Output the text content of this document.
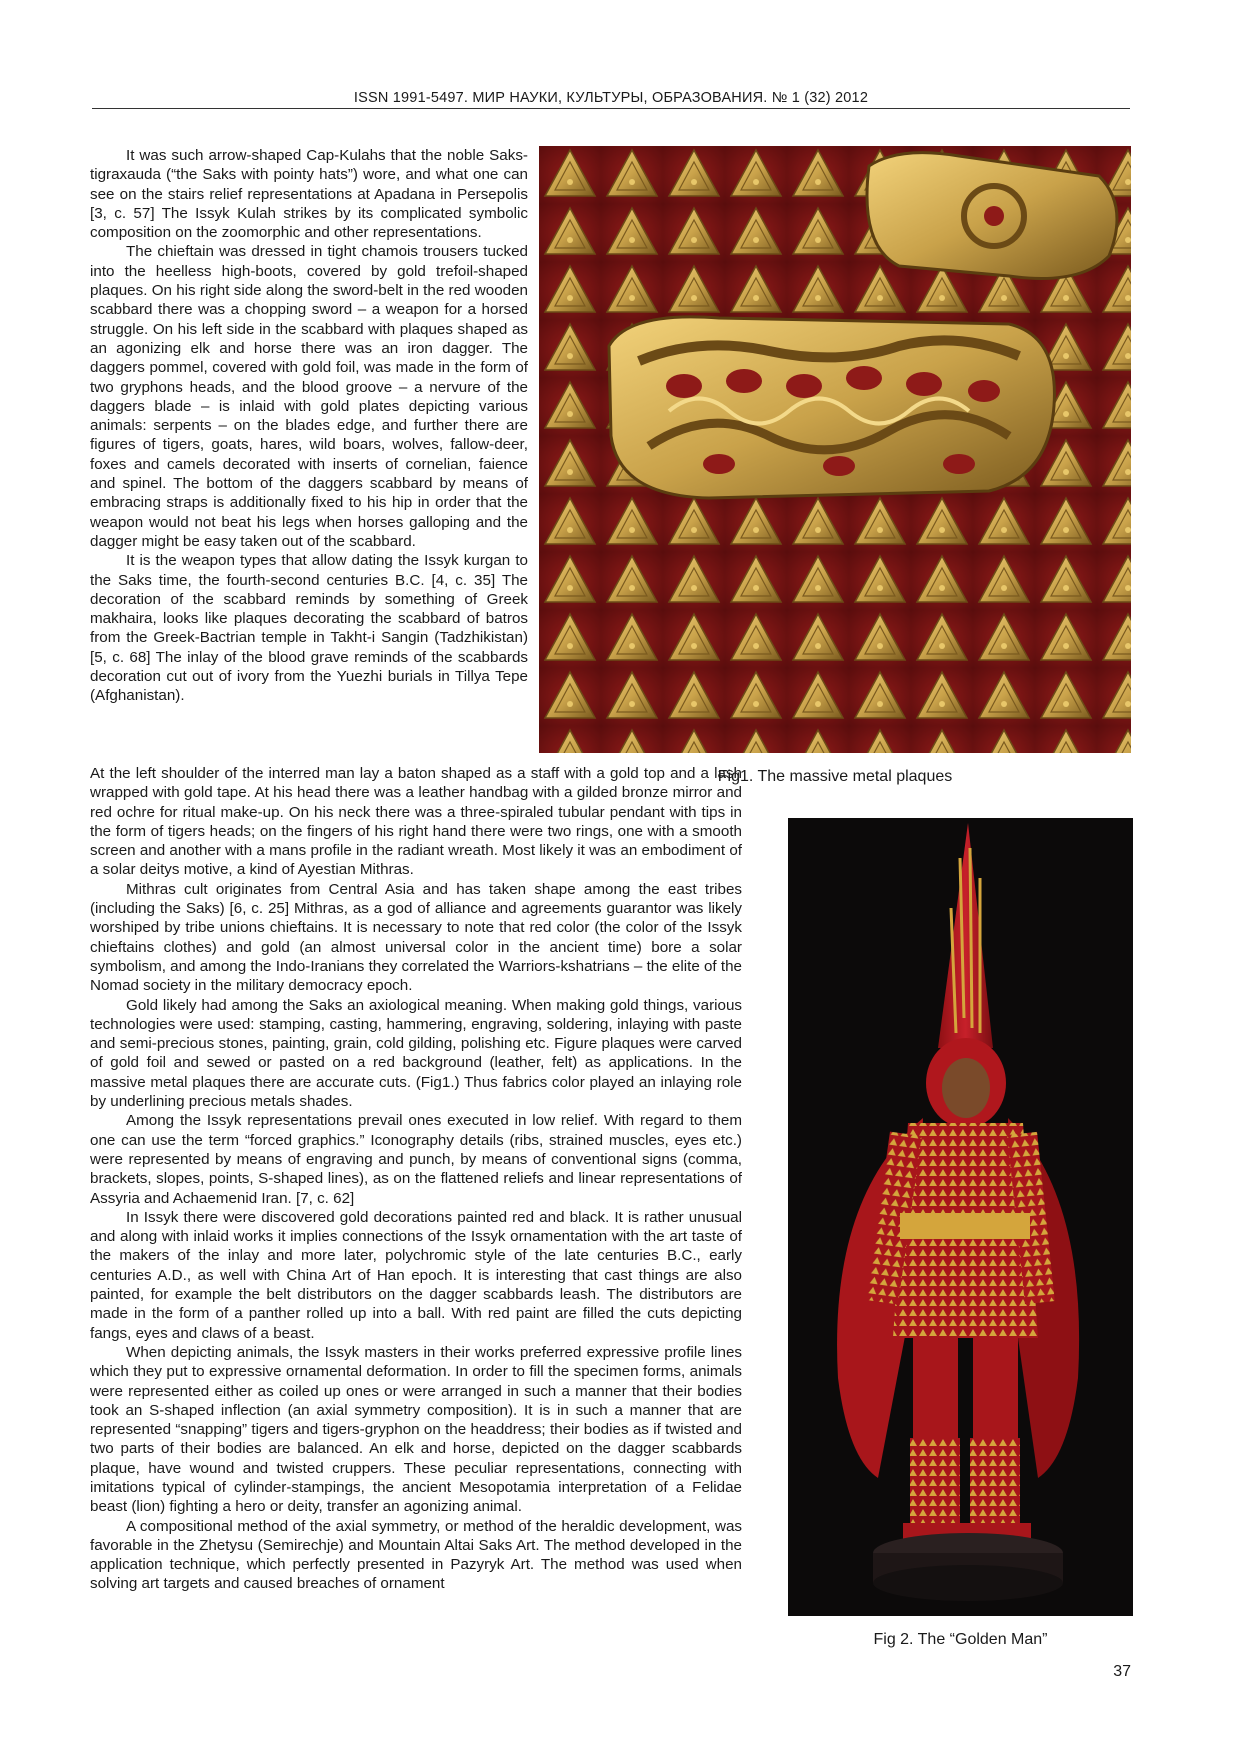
ISSN 1991-5497. МИР НАУКИ, КУЛЬТУРЫ, ОБРАЗОВАНИЯ. № 1 (32) 2012

It was such arrow-shaped Cap-Kulahs that the noble Saks-tigraxauda (“the Saks with pointy hats”) wore, and what one can see on the stairs relief representations at Apadana in Persepolis [3, c. 57] The Issyk Kulah strikes by its complicated symbolic composition on the zoomorphic and other representations.

The chieftain was dressed in tight chamois trousers tucked into the heelless high-boots, covered by gold trefoil-shaped plaques. On his right side along the sword-belt in the red wooden scabbard there was a chopping sword – a weapon for a horsed struggle. On his left side in the scabbard with plaques shaped as an agonizing elk and horse there was an iron dagger. The daggers pommel, covered with gold foil, was made in the form of two gryphons heads, and the blood groove – a nervure of the daggers blade – is inlaid with gold plates depicting various animals: serpents – on the blades edge, and further there are figures of tigers, goats, hares, wild boars, wolves, fallow-deer, foxes and camels decorated with inserts of cornelian, faience and spinel. The bottom of the daggers scabbard by means of embracing straps is additionally fixed to his hip in order that the weapon would not beat his legs when horses galloping and the dagger might be easy taken out of the scabbard.

It is the weapon types that allow dating the Issyk kurgan to the Saks time, the fourth-second centuries B.C. [4, c. 35] The decoration of the scabbard reminds by something of Greek makhaira, looks like plaques decorating the scabbard of batros from the Greek-Bactrian temple in Takht-i Sangin (Tadzhikistan) [5, c. 68] The inlay of the blood grave reminds of the scabbards decoration cut out of ivory from the Yuezhi burials in Tillya Tepe (Afghanistan).

At the left shoulder of the interred man lay a baton shaped as a staff with a gold top and a lash wrapped with gold tape. At his head there was a leather handbag with a gilded bronze mirror and red ochre for ritual make-up. On his neck there was a three-spiraled tubular pendant with tips in the form of tigers heads; on the fingers of his right hand there were two rings, one with a smooth screen and another with a mans profile in the radiant wreath. Most likely it was an embodiment of a solar deitys motive, a kind of Ayestian Mithras.

Mithras cult originates from Central Asia and has taken shape among the east tribes (including the Saks) [6, c. 25] Mithras, as a god of alliance and agreements guarantor was likely worshiped by tribe unions chieftains. It is necessary to note that red color (the color of the Issyk chieftains clothes) and gold (an almost universal color in the ancient time) bore a solar symbolism, and among the Indo-Iranians they correlated the Warriors-kshatrians – the elite of the Nomad society in the military democracy epoch.

Gold likely had among the Saks an axiological meaning. When making gold things, various technologies were used: stamping, casting, hammering, engraving, soldering, inlaying with paste and semi-precious stones, painting, grain, cold gilding, polishing etc. Figure plaques were carved of gold foil and sewed or pasted on a red background (leather, felt) as applications. In the massive metal plaques there are accurate cuts. (Fig1.) Thus fabrics color played an inlaying role by underlining precious metals shades.

Among the Issyk representations prevail ones executed in low relief. With regard to them one can use the term “forced graphics.” Iconography details (ribs, strained muscles, eyes etc.) were represented by means of engraving and punch, by means of conventional signs (comma, brackets, slopes, points, S-shaped lines), as on the flattened reliefs and linear representations of Assyria and Achaemenid Iran. [7, c. 62]

In Issyk there were discovered gold decorations painted red and black. It is rather unusual and along with inlaid works it implies connections of the Issyk ornamentation with the art taste of the makers of the inlay and more later, polychromic style of the late centuries B.C., early centuries A.D., as well with China Art of Han epoch. It is interesting that cast things are also painted, for example the belt distributors on the dagger scabbards leash. The distributors are made in the form of a panther rolled up into a ball. With red paint are filled the cuts depicting fangs, eyes and claws of a beast.

When depicting animals, the Issyk masters in their works preferred expressive profile lines which they put to expressive ornamental deformation. In order to fill the specimen forms, animals were represented either as coiled up ones or were arranged in such a manner that their bodies took an S-shaped inflection (an axial symmetry composition). It is in such a manner that are represented “snapping” tigers and tigers-gryphon on the headdress; their bodies as if twisted and two parts of their bodies are balanced. An elk and horse, depicted on the dagger scabbards plaque, have wound and twisted cruppers. These peculiar representations, connecting with imitations typical of cylinder-stampings, the ancient Mesopotamia interpretation of a Felidae beast (lion) fighting a hero or deity, transfer an agonizing animal.

A compositional method of the axial symmetry, or method of the heraldic development, was favorable in the Zhetysu (Semirechje) and Mountain Altai Saks Art. The method developed in the application technique, which perfectly presented in Pazyryk Art. The method was used when solving art targets and caused breaches of ornament

Fig1. The massive metal plaques
Fig 2. The “Golden Man”
37
